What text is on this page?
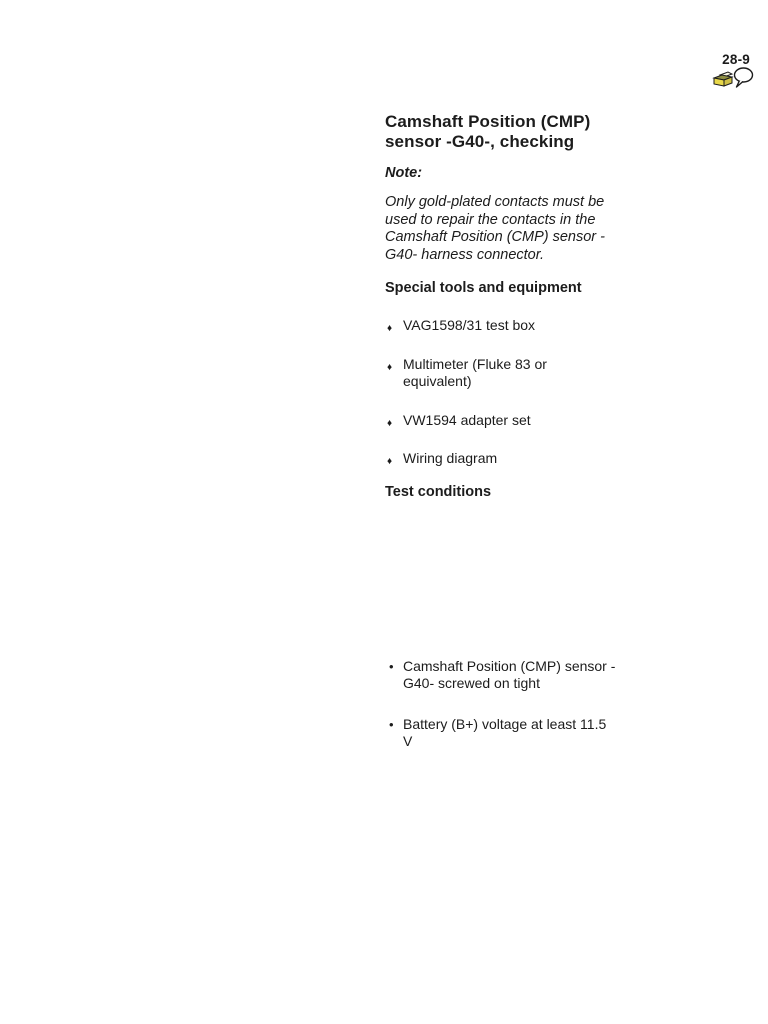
28-9
Camshaft Position (CMP) sensor -G40-, checking
Note:
Only gold-plated contacts must be used to repair the contacts in the Camshaft Position (CMP) sensor - G40- harness connector.
Special tools and equipment
♦ VAG1598/31 test box
♦ Multimeter (Fluke 83 or equivalent)
♦ VW1594 adapter set
♦ Wiring diagram
Test conditions
• Camshaft Position (CMP) sensor -G40- screwed on tight
• Battery (B+) voltage at least 11.5 V
